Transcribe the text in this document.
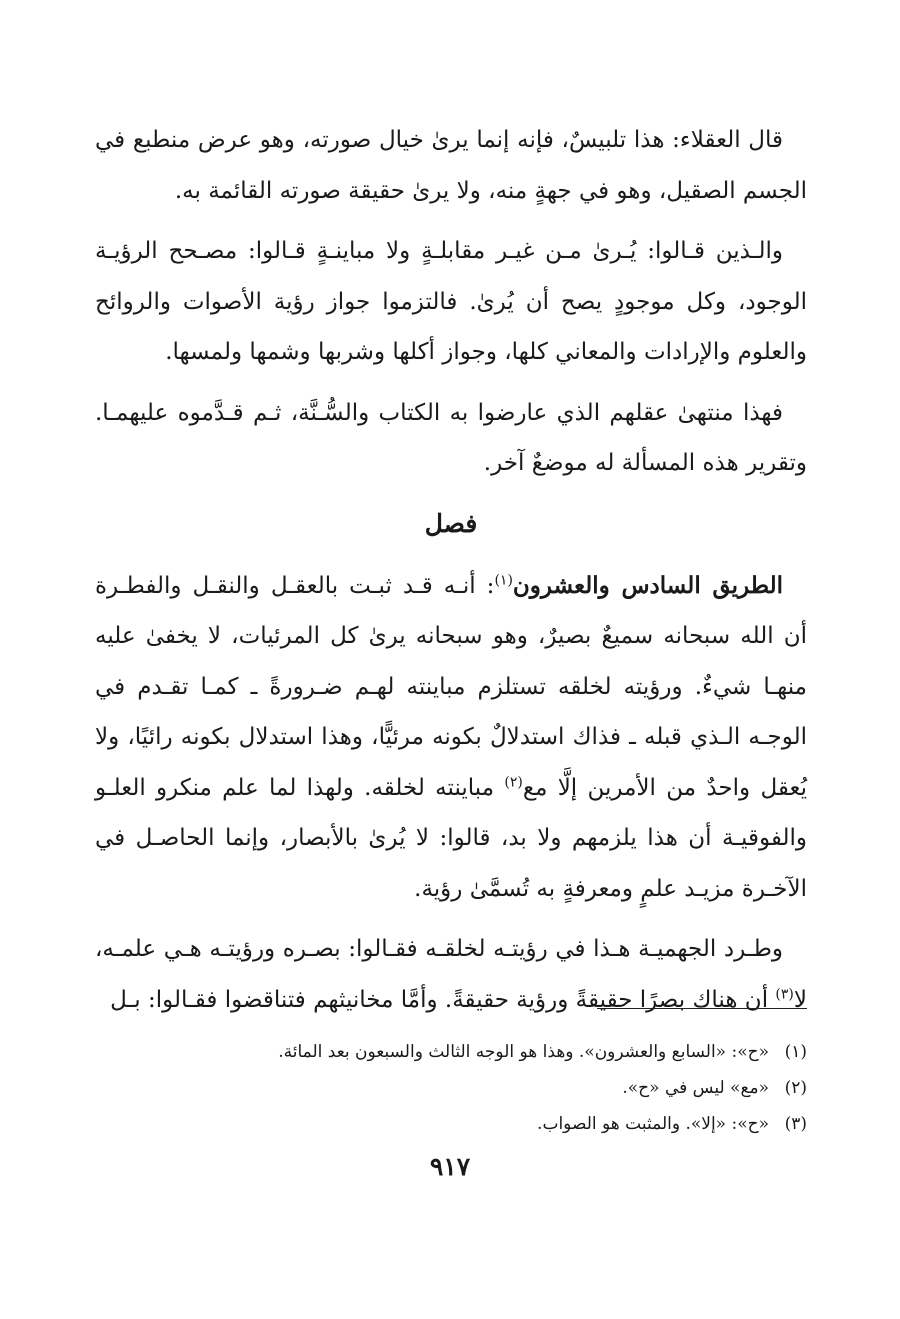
قال العقلاء: هذا تلبيسٌ، فإنه إنما يرىٰ خيال صورته، وهو عرض منطبع في الجسم الصقيل، وهو في جهةٍ منه، ولا يرىٰ حقيقة صورته القائمة به.

والـذين قـالوا: يُـرىٰ مـن غيـر مقابلـةٍ ولا مباينـةٍ قـالوا: مصـحح الرؤيـة الوجود، وكل موجودٍ يصح أن يُرىٰ. فالتزموا جواز رؤية الأصوات والروائح والعلوم والإرادات والمعاني كلها، وجواز أكلها وشربها وشمها ولمسها.

فهذا منتهىٰ عقلهم الذي عارضوا به الكتاب والسُّـنَّة، ثـم قـدَّموه عليهمـا. وتقرير هذه المسألة له موضعٌ آخر.

فصل

الطريق السادس والعشرون$^{(١)}$: أنـه قـد ثبـت بالعقـل والنقـل والفطـرة أن الله سبحانه سميعٌ بصيرٌ، وهو سبحانه يرىٰ كل المرئيات، لا يخفىٰ عليه منهـا شيءٌ. ورؤيته لخلقه تستلزم مباينته لهـم ضـرورةً ـ كمـا تقـدم في الوجـه الـذي قبله ـ فذاك استدلالٌ بكونه مرئيًّا، وهذا استدلال بكونه رائيًا، ولا يُعقل واحدٌ من الأمرين إلَّا مع$^{(٢)}$ مباينته لخلقه. ولهذا لما علم منكرو العلـو والفوقيـة أن هذا يلزمهم ولا بد، قالوا: لا يُرىٰ بالأبصار، وإنما الحاصـل في الآخـرة مزيـد علمٍ ومعرفةٍ به تُسمَّىٰ رؤية.

وطـرد الجهميـة هـذا في رؤيتـه لخلقـه فقـالوا: بصـره ورؤيتـه هـي علمـه، لا$^{(٣)}$ أن هناك بصرًا حقيقةً ورؤية حقيقةً. وأمَّا مخانيثهم فتناقضوا فقـالوا: بـل

(١)
«ح»: «السابع والعشرون». وهذا هو الوجه الثالث والسبعون بعد المائة.
(٢)
«مع» ليس في «ح».
(٣)
«ح»: «إلا». والمثبت هو الصواب.
٩١٧
